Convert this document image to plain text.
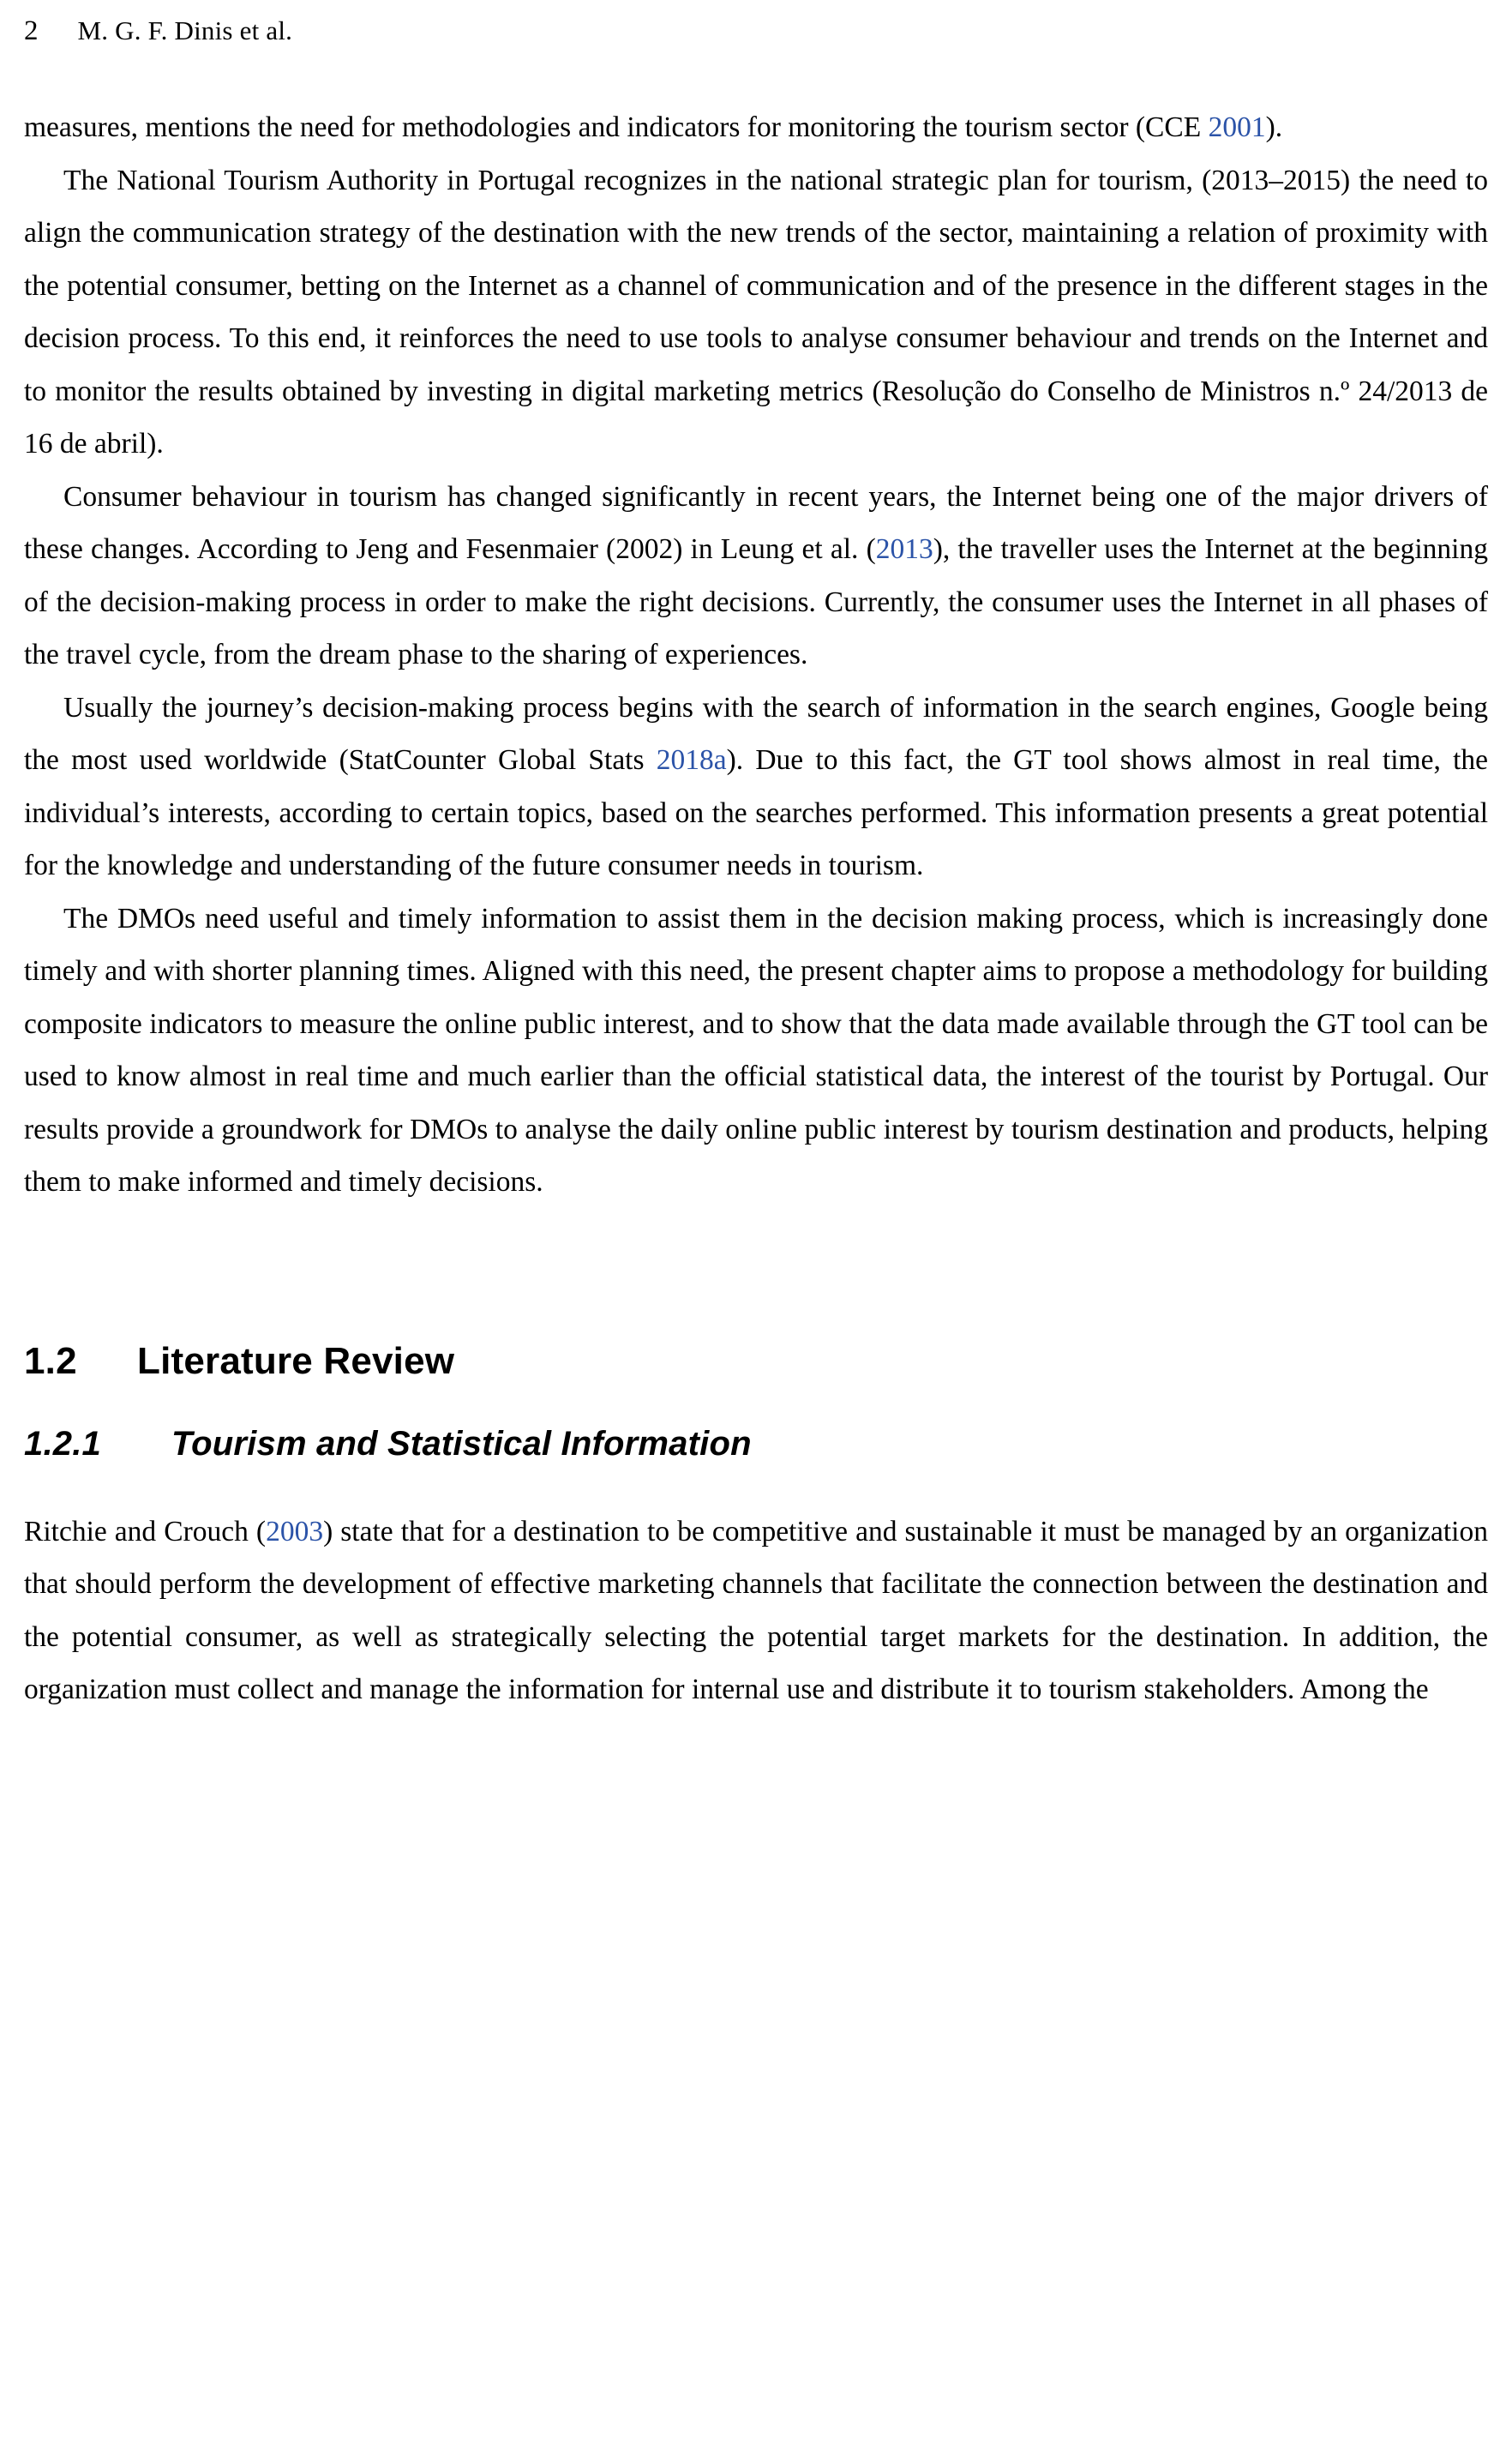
2 M. G. F. Dinis et al.

measures, mentions the need for methodologies and indicators for monitoring the tourism sector (CCE 2001).

The National Tourism Authority in Portugal recognizes in the national strategic plan for tourism, (2013–2015) the need to align the communication strategy of the destination with the new trends of the sector, maintaining a relation of proximity with the potential consumer, betting on the Internet as a channel of communication and of the presence in the different stages in the decision process. To this end, it reinforces the need to use tools to analyse consumer behaviour and trends on the Internet and to monitor the results obtained by investing in digital marketing metrics (Resolução do Conselho de Ministros n.º 24/2013 de 16 de abril).

Consumer behaviour in tourism has changed significantly in recent years, the Internet being one of the major drivers of these changes. According to Jeng and Fesenmaier (2002) in Leung et al. (2013), the traveller uses the Internet at the beginning of the decision-making process in order to make the right decisions. Currently, the consumer uses the Internet in all phases of the travel cycle, from the dream phase to the sharing of experiences.

Usually the journey’s decision-making process begins with the search of information in the search engines, Google being the most used worldwide (StatCounter Global Stats 2018a). Due to this fact, the GT tool shows almost in real time, the individual’s interests, according to certain topics, based on the searches performed. This information presents a great potential for the knowledge and understanding of the future consumer needs in tourism.

The DMOs need useful and timely information to assist them in the decision making process, which is increasingly done timely and with shorter planning times. Aligned with this need, the present chapter aims to propose a methodology for building composite indicators to measure the online public interest, and to show that the data made available through the GT tool can be used to know almost in real time and much earlier than the official statistical data, the interest of the tourist by Portugal. Our results provide a groundwork for DMOs to analyse the daily online public interest by tourism destination and products, helping them to make informed and timely decisions.

1.2	Literature Review
1.2.1	Tourism and Statistical Information

Ritchie and Crouch (2003) state that for a destination to be competitive and sustainable it must be managed by an organization that should perform the development of effective marketing channels that facilitate the connection between the destination and the potential consumer, as well as strategically selecting the potential target markets for the destination. In addition, the organization must collect and manage the information for internal use and distribute it to tourism stakeholders. Among the
